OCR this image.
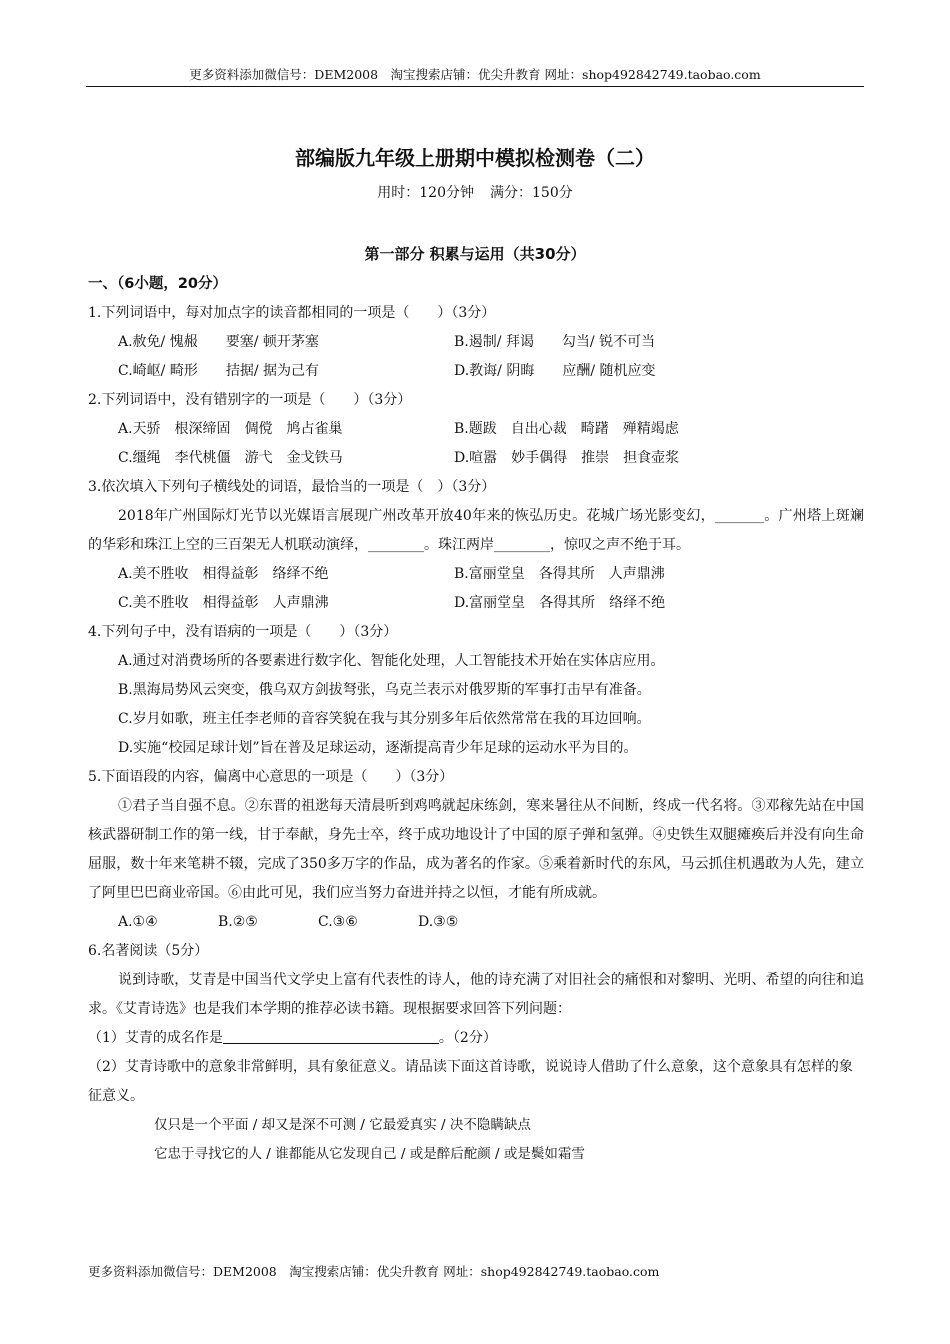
更多资料添加微信号：DEM2008　淘宝搜索店铺：优尖升教育 网址：shop492842749.taobao.com
部编版九年级上册期中模拟检测卷（二）
用时：120分钟 满分：150分
第一部分 积累与运用（共30分）
一、（6小题，20分）
1.下列词语中，每对加点字的读音都相同的一项是（　　）（3分）
A.赦免/ 愧赧　　要塞/ 顿开茅塞	B.遏制/ 拜谒　　勾当/ 锐不可当
C.崎岖/ 畸形　　拮据/ 据为己有	D.教诲/ 阴晦　　应酬/ 随机应变
2.下列词语中，没有错别字的一项是（　　）（3分）
A.天骄　根深缔固　倜傥　鸠占雀巢	B.题跋　自出心裁　畸躇　殚精竭虑
C.缰绳　李代桃僵　游弋　金戈铁马	D.喧嚣　妙手偶得　推崇　担食壶浆
3.依次填入下列句子横线处的词语，最恰当的一项是（　）（3分）
2018年广州国际灯光节以光媒语言展现广州改革开放40年来的恢弘历史。花城广场光影变幻，_______。广州塔上斑斓的华彩和珠江上空的三百架无人机联动演绎，________。珠江两岸________，惊叹之声不绝于耳。
A.美不胜收　相得益彰　络绎不绝	B.富丽堂皇　各得其所　人声鼎沸
C.美不胜收　相得益彰　人声鼎沸	D.富丽堂皇　各得其所　络绎不绝
4.下列句子中，没有语病的一项是（　　）（3分）
A.通过对消费场所的各要素进行数字化、智能化处理，人工智能技术开始在实体店应用。
B.黑海局势风云突变，俄乌双方剑拔弩张，乌克兰表示对俄罗斯的军事打击早有准备。
C.岁月如歌，班主任李老师的音容笑貌在我与其分别多年后依然常常在我的耳边回响。
D.实施“校园足球计划”旨在普及足球运动，逐渐提高青少年足球的运动水平为目的。
5.下面语段的内容，偏离中心意思的一项是（　　）（3分）
①君子当自强不息。②东晋的祖逖每天清晨听到鸡鸣就起床练剑，寒来暑往从不间断，终成一代名将。③邓稼先站在中国核武器研制工作的第一线，甘于奉献，身先士卒，终于成功地设计了中国的原子弹和氢弹。④史铁生双腿瘫痪后并没有向生命屈服，数十年来笔耕不辍，完成了350多万字的作品，成为著名的作家。⑤乘着新时代的东风，马云抓住机遇敢为人先，建立了阿里巴巴商业帝国。⑥由此可见，我们应当努力奋进并持之以恒，才能有所成就。
A.①④	B.②⑤	C.③⑥	D.③⑤
6.名著阅读（5分）
说到诗歌，艾青是中国当代文学史上富有代表性的诗人，他的诗充满了对旧社会的痛恨和对黎明、光明、希望的向往和追求。《艾青诗选》也是我们本学期的推荐必读书籍。现根据要求回答下列问题：
（1）艾青的成名作是	。（2分）
（2）艾青诗歌中的意象非常鲜明，具有象征意义。请品读下面这首诗歌，说说诗人借助了什么意象，这个意象具有怎样的象征意义。
仅只是一个平面 / 却又是深不可测 / 它最爱真实 / 决不隐瞒缺点
它忠于寻找它的人 / 谁都能从它发现自己 / 或是醉后酡颜 / 或是鬓如霜雪
更多资料添加微信号：DEM2008　淘宝搜索店铺：优尖升教育 网址：shop492842749.taobao.com
